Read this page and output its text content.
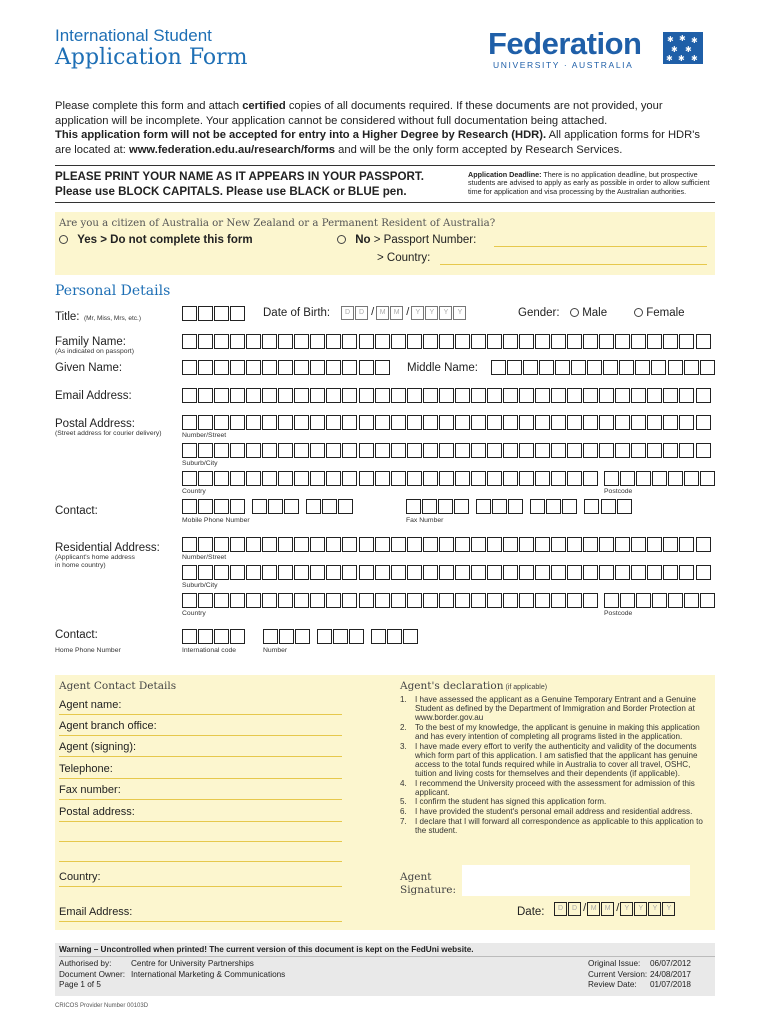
International Student
Application Form	Federation
UNIVERSITY · AUSTRALIA
✱ ✱ ✱
✱ ✱
✱ ✱ ✱
Please complete this form and attach certified copies of all documents required. If these documents are not provided, your application will be incomplete. Your application cannot be considered without full documentation being attached.
This application form will not be accepted for entry into a Higher Degree by Research (HDR). All application forms for HDR's are located at: www.federation.edu.au/research/forms and will be the only form accepted by Research Services.
PLEASE PRINT YOUR NAME AS IT APPEARS IN YOUR PASSPORT.
Please use BLOCK CAPITALS. Please use BLACK or BLUE pen.
Application Deadline: There is no application deadline, but prospective students are advised to apply as early as possible in order to allow sufficient time for application and visa processing by the Australian authorities.
Are you a citizen of Australia or New Zealand or a Permanent Resident of Australia?
Yes > Do not complete this form	No > Passport Number:
> Country:
Personal Details
Title: (Mr, Miss, Mrs, etc.)	Date of Birth:	D	D / M	M / Y	Y	Y	Y	Gender:	Male	Female
Family Name:
(As indicated on passport)
Given Name:	Middle Name:
Email Address:
Postal Address:
(Street address for courier delivery)	Number/Street
Suburb/City
Country	Postcode
Contact:
Mobile Phone Number	Fax Number
Residential Address:
(Applicant's home address
in home country)
Number/Street
Suburb/City
Country	Postcode
Contact:
Home Phone Number	International code	Number
Agent Contact Details
Agent name:
Agent branch office:
Agent (signing):
Telephone:
Fax number:
Postal address:
Country:
Email Address:
Agent's declaration (if applicable)
1. I have assessed the applicant as a Genuine Temporary Entrant and a Genuine Student as defined by the Department of Immigration and Border Protection at www.border.gov.au
2. To the best of my knowledge, the applicant is genuine in making this application and has every intention of completing all programs listed in the application.
3. I have made every effort to verify the authenticity and validity of the documents which form part of this application. I am satisfied that the applicant has genuine access to the total funds required while in Australia to cover all travel, OSHC, tuition and living costs for themselves and their dependents (if applicable).
4. I recommend the University proceed with the assessment for admission of this applicant.
5. I confirm the student has signed this application form.
6. I have provided the student's personal email address and residential address.
7. I declare that I will forward all correspondence as applicable to this application to the student.
Agent
Signature:
Date:	D	D / M	M / Y	Y	Y	Y
Warning – Uncontrolled when printed! The current version of this document is kept on the FedUni website.
Authorised by: Centre for University Partnerships
Document Owner: International Marketing & Communications
Page 1 of 5
Original Issue: 06/07/2012
Current Version: 24/08/2017
Review Date: 01/07/2018
CRICOS Provider Number 00103D
